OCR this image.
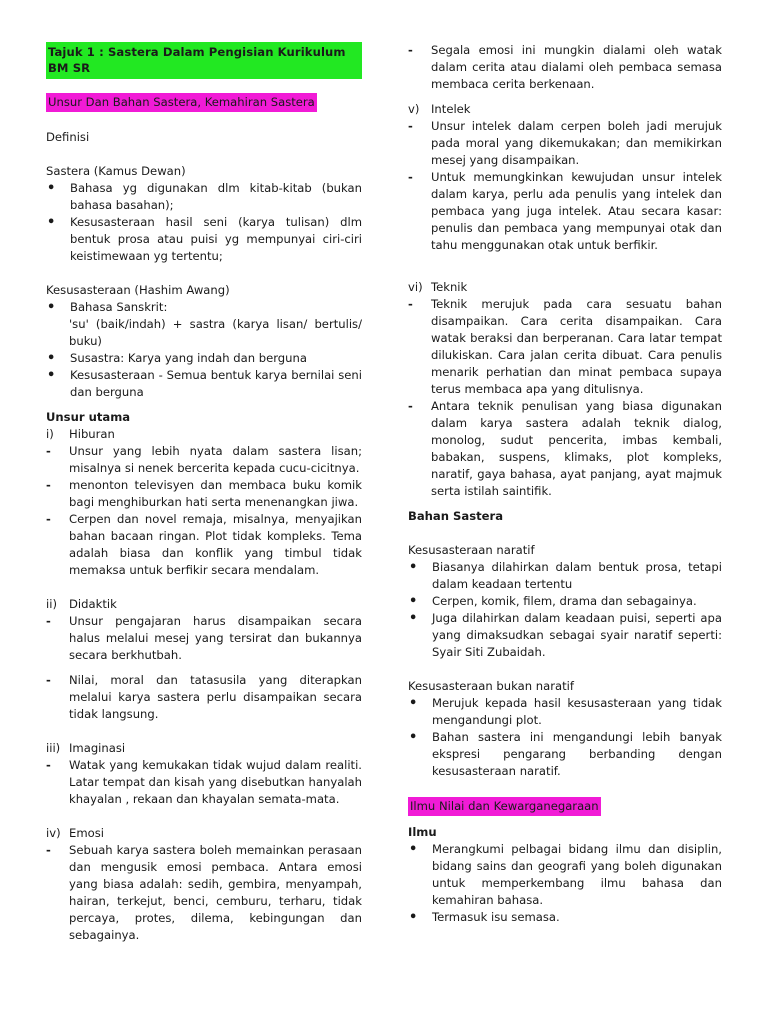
Tajuk 1 : Sastera Dalam Pengisian Kurikulum BM SR

Unsur Dan Bahan Sastera, Kemahiran Sastera

Definisi

Sastera (Kamus Dewan)

•	Bahasa yg digunakan dlm kitab-kitab (bukan bahasa basahan);
•	Kesusasteraan hasil seni (karya tulisan) dlm bentuk prosa atau puisi yg mempunyai ciri-ciri keistimewaan yg tertentu;

Kesusasteraan (Hashim Awang)

•	Bahasa Sanskrit:
'su' (baik/indah) + sastra (karya lisan/ bertulis/ buku)
•	Susastra: Karya yang indah dan berguna
•	Kesusasteraan - Semua bentuk karya bernilai seni dan berguna

Unsur utama

i)	Hiburan
-	Unsur yang lebih nyata dalam sastera lisan; misalnya si nenek bercerita kepada cucu-cicitnya.
-	menonton televisyen dan membaca buku komik bagi menghiburkan hati serta menenangkan jiwa.
-	Cerpen dan novel remaja, misalnya, menyajikan bahan bacaan ringan. Plot tidak kompleks. Tema adalah biasa dan konflik yang timbul tidak memaksa untuk berfikir secara mendalam.
ii)	Didaktik
-	Unsur pengajaran harus disampaikan secara halus melalui mesej yang tersirat dan bukannya secara berkhutbah.
-	Nilai, moral dan tatasusila yang diterapkan melalui karya sastera perlu disampaikan secara tidak langsung.
iii) Imaginasi
-	Watak yang kemukakan tidak wujud dalam realiti. Latar tempat dan kisah yang disebutkan hanyalah khayalan , rekaan dan khayalan semata-mata.
iv) Emosi
-	Sebuah karya sastera boleh memainkan perasaan dan mengusik emosi pembaca. Antara emosi yang biasa adalah: sedih, gembira, menyampah, hairan, terkejut, benci, cemburu, terharu, tidak percaya, protes, dilema, kebingungan dan sebagainya.
-	Segala emosi ini mungkin dialami oleh watak dalam cerita atau dialami oleh pembaca semasa membaca cerita berkenaan.
v)	Intelek
-	Unsur intelek dalam cerpen boleh jadi merujuk pada moral yang dikemukakan; dan memikirkan mesej yang disampaikan.
-	Untuk memungkinkan kewujudan unsur intelek dalam karya, perlu ada penulis yang intelek dan pembaca yang juga intelek. Atau secara kasar: penulis dan pembaca yang mempunyai otak dan tahu menggunakan otak untuk berfikir.
vi) Teknik
-	Teknik merujuk pada cara sesuatu bahan disampaikan. Cara cerita disampaikan. Cara watak beraksi dan berperanan. Cara latar tempat dilukiskan. Cara jalan cerita dibuat. Cara penulis menarik perhatian dan minat pembaca supaya terus membaca apa yang ditulisnya.
-	Antara teknik penulisan yang biasa digunakan dalam karya sastera adalah teknik dialog, monolog, sudut pencerita, imbas kembali, babakan, suspens, klimaks, plot kompleks, naratif, gaya bahasa, ayat panjang, ayat majmuk serta istilah saintifik.

Bahan Sastera

Kesusasteraan naratif

•	Biasanya dilahirkan dalam bentuk prosa, tetapi dalam keadaan tertentu
•	Cerpen, komik, filem, drama dan sebagainya.
•	Juga dilahirkan dalam keadaan puisi, seperti apa yang dimaksudkan sebagai syair naratif seperti: Syair Siti Zubaidah.

Kesusasteraan bukan naratif

•	Merujuk kepada hasil kesusasteraan yang tidak mengandungi plot.
•	Bahan sastera ini mengandungi lebih banyak ekspresi pengarang berbanding dengan kesusasteraan naratif.

Ilmu Nilai dan Kewarganegaraan

Ilmu

•	Merangkumi pelbagai bidang ilmu dan disiplin, bidang sains dan geografi yang boleh digunakan untuk memperkembang ilmu bahasa dan kemahiran bahasa.
•	Termasuk isu semasa.
